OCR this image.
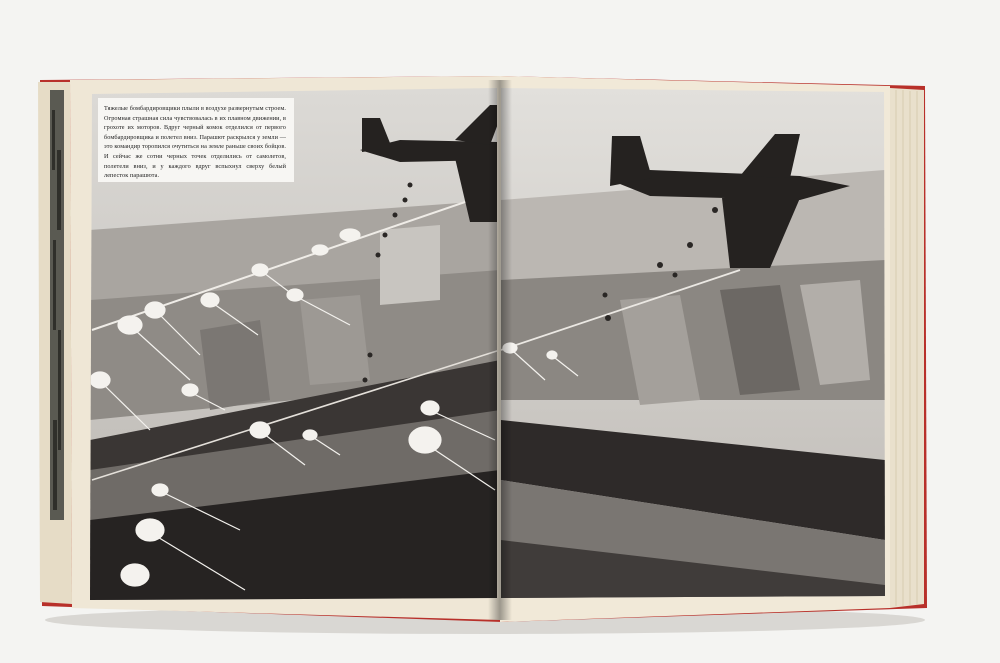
Тяжелые бомбардировщики плыли в воздухе развернутым строем. Огромная страшная сила чувствовалась в их плавном движении, в грохоте их моторов. Вдруг черный комок отделился от первого бомбардировщика и полетел вниз. Парашют раскрылся у земли — это командир торопился очутиться на земле раньше своих бойцов. И сейчас же сотни черных точек отделились от самолетов, полетели вниз, и у каждого вдруг вспыхнул сверху белый лепесток парашюта.
